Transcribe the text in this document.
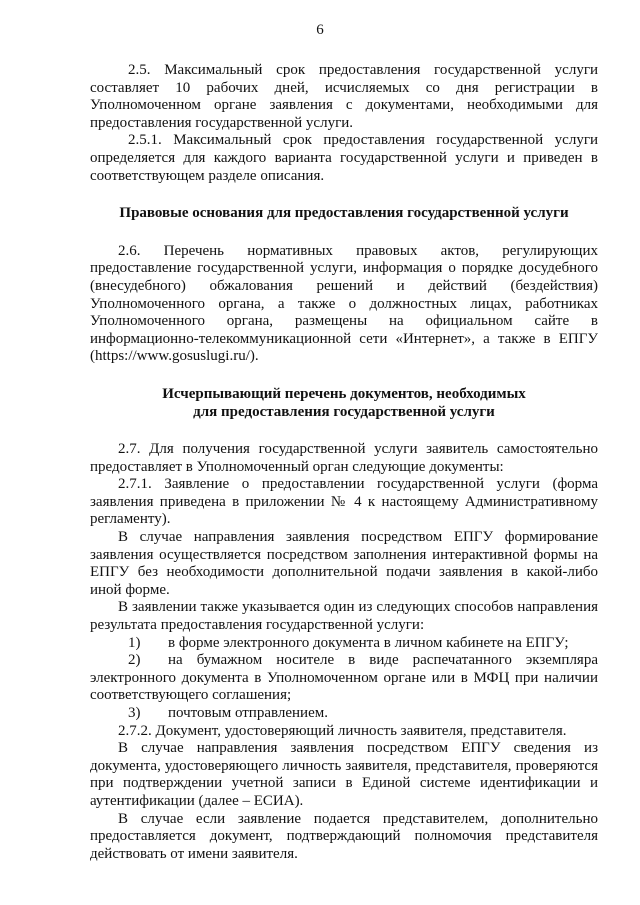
6

2.5. Максимальный срок предоставления государственной услуги составляет 10 рабочих дней, исчисляемых со дня регистрации в Уполномоченном органе заявления с документами, необходимыми для предоставления государственной услуги.

2.5.1. Максимальный срок предоставления государственной услуги определяется для каждого варианта государственной услуги и приведен в соответствующем разделе описания.

Правовые основания для предоставления государственной услуги

2.6. Перечень нормативных правовых актов, регулирующих предоставление государственной услуги, информация о порядке досудебного (внесудебного) обжалования решений и действий (бездействия) Уполномоченного органа, а также о должностных лицах, работниках Уполномоченного органа, размещены на официальном сайте в информационно-телекоммуникационной сети «Интернет», а также в ЕПГУ (https://www.gosuslugi.ru/).

Исчерпывающий перечень документов, необходимых

для предоставления государственной услуги

2.7. Для получения государственной услуги заявитель самостоятельно предоставляет в Уполномоченный орган следующие документы:

2.7.1. Заявление о предоставлении государственной услуги (форма заявления приведена в приложении № 4 к настоящему Административному регламенту).

В случае направления заявления посредством ЕПГУ формирование заявления осуществляется посредством заполнения интерактивной формы на ЕПГУ без необходимости дополнительной подачи заявления в какой-либо иной форме.

В заявлении также указывается один из следующих способов направления результата предоставления государственной услуги:

1) в форме электронного документа в личном кабинете на ЕПГУ;

2) на бумажном носителе в виде распечатанного экземпляра электронного документа в Уполномоченном органе или в МФЦ при наличии соответствующего соглашения;

3) почтовым отправлением.

2.7.2. Документ, удостоверяющий личность заявителя, представителя.

В случае направления заявления посредством ЕПГУ сведения из документа, удостоверяющего личность заявителя, представителя, проверяются при подтверждении учетной записи в Единой системе идентификации и аутентификации (далее – ЕСИА).

В случае если заявление подается представителем, дополнительно предоставляется документ, подтверждающий полномочия представителя действовать от имени заявителя.
